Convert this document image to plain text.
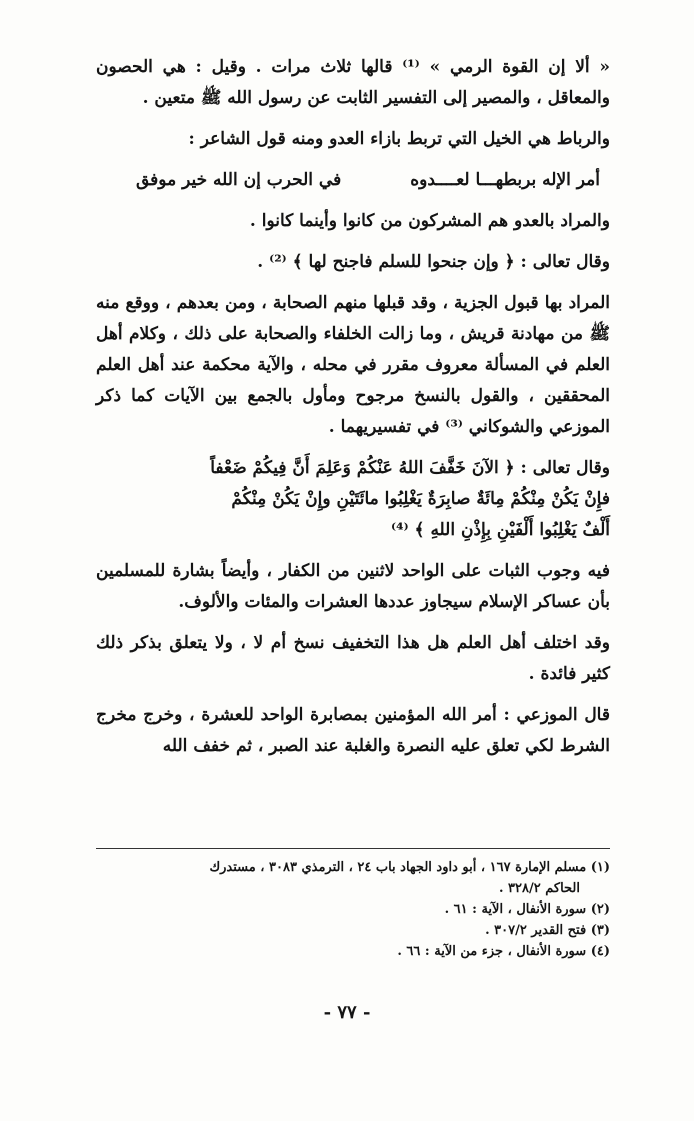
« ألا إن القوة الرمي » ⁽¹⁾ قالها ثلاث مرات . وقيل : هي الحصون والمعاقل ، والمصير إلى التفسير الثابت عن رسول الله ﷺ متعين .

والرباط هي الخيل التي تربط بازاء العدو ومنه قول الشاعر :

أمر الإله بربطهـــا لعــــدوه
في الحرب إن الله خير موفق

والمراد بالعدو هم المشركون من كانوا وأينما كانوا .

وقال تعالى : ﴿ وإن جنحوا للسلم فاجنح لها ﴾ ⁽²⁾ .

المراد بها قبول الجزية ، وقد قبلها منهم الصحابة ، ومن بعدهم ، ووقع منه ﷺ من مهادنة قريش ، وما زالت الخلفاء والصحابة على ذلك ، وكلام أهل العلم في المسألة معروف مقرر في محله ، والآية محكمة عند أهل العلم المحققين ، والقول بالنسخ مرجوح ومأول بالجمع بين الآيات كما ذكر الموزعي والشوكاني ⁽³⁾ في تفسيريهما .

وقال تعالى : ﴿ الآنَ خَفَّفَ اللهُ عَنْكُمْ وَعَلِمَ أَنَّ فِيكُمْ ضَعْفاً
فإِنْ يَكُنْ مِنْكُمْ مِائَةٌ صابِرَةٌ يَغْلِبُوا مائَتَيْنِ وإِنْ يَكُنْ مِنْكُمْ
أَلْفٌ يَغْلِبُوا أَلْفَيْنِ بِإِذْنِ اللهِ ﴾ ⁽⁴⁾

فيه وجوب الثبات على الواحد لاثنين من الكفار ، وأيضاً بشارة للمسلمين بأن عساكر الإسلام سيجاوز عددها العشرات والمئات والألوف.

وقد اختلف أهل العلم هل هذا التخفيف نسخ أم لا ، ولا يتعلق بذكر ذلك كثير فائدة .

قال الموزعي : أمر الله المؤمنين بمصابرة الواحد للعشرة ، وخرج مخرج الشرط لكي تعلق عليه النصرة والغلبة عند الصبر ، ثم خفف الله

(١) مسلم الإمارة ١٦٧ ، أبو داود الجهاد باب ٢٤ ، الترمذي ٣٠٨٣ ، مستدرك

الحاكم ٣٢٨/٢ .

(٢) سورة الأنفال ، الآية : ٦١ .

(٣) فتح القدير ٣٠٧/٢ .

(٤) سورة الأنفال ، جزء من الآية : ٦٦ .

- ٧٧ -
